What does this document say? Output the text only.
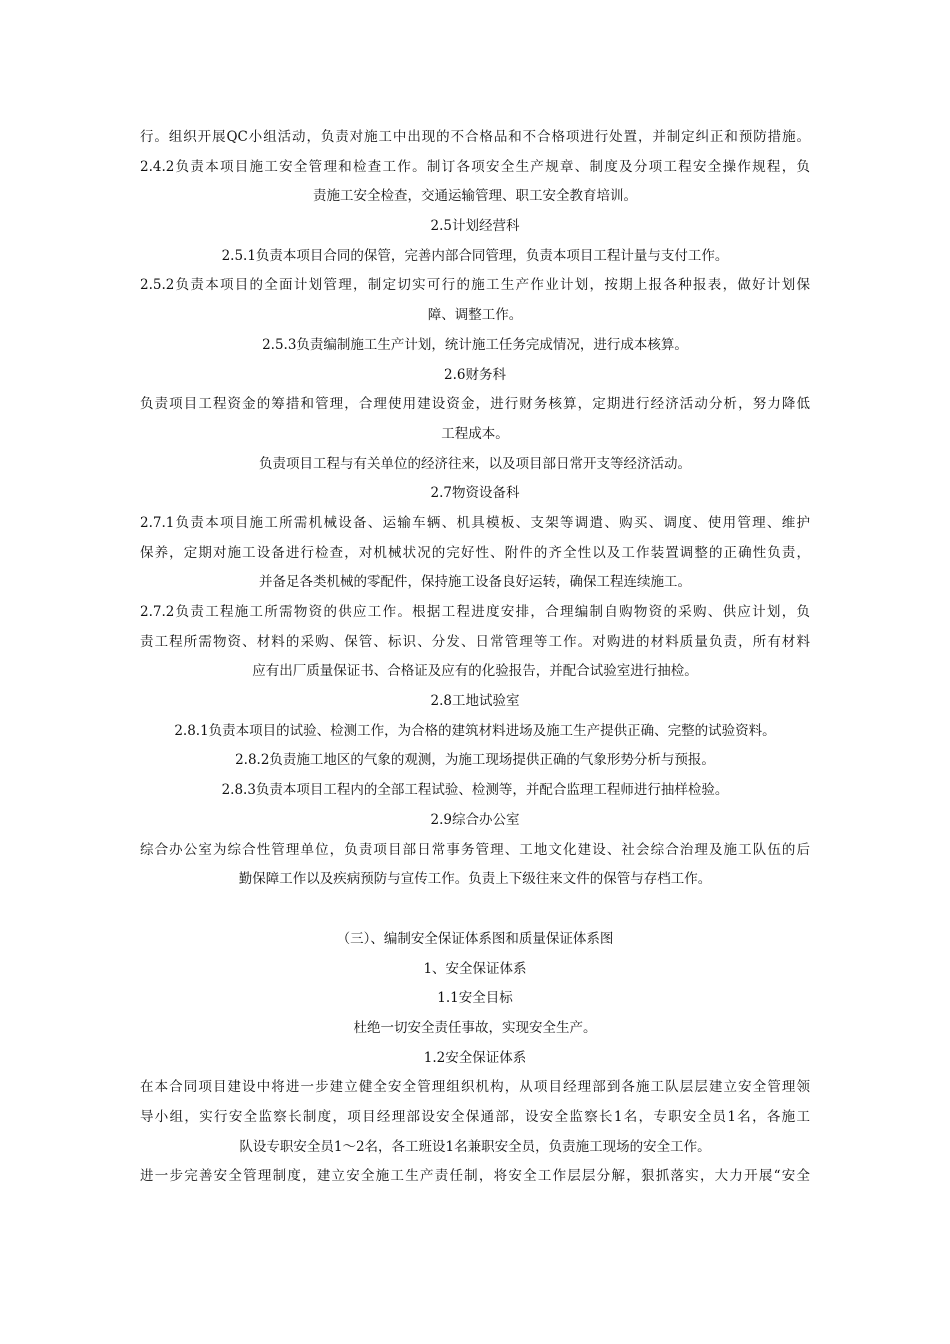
行。组织开展QC小组活动，负责对施工中出现的不合格品和不合格项进行处置，并制定纠正和预防措施。
2.4.2负责本项目施工安全管理和检查工作。制订各项安全生产规章、制度及分项工程安全操作规程，负
责施工安全检查，交通运输管理、职工安全教育培训。
2.5计划经营科
2.5.1负责本项目合同的保管，完善内部合同管理，负责本项目工程计量与支付工作。
2.5.2负责本项目的全面计划管理，制定切实可行的施工生产作业计划，按期上报各种报表，做好计划保
障、调整工作。
2.5.3负责编制施工生产计划，统计施工任务完成情况，进行成本核算。
2.6财务科
负责项目工程资金的筹措和管理，合理使用建设资金，进行财务核算，定期进行经济活动分析，努力降低
工程成本。
负责项目工程与有关单位的经济往来，以及项目部日常开支等经济活动。
2.7物资设备科
2.7.1负责本项目施工所需机械设备、运输车辆、机具模板、支架等调遣、购买、调度、使用管理、维护
保养，定期对施工设备进行检查，对机械状况的完好性、附件的齐全性以及工作装置调整的正确性负责，
并备足各类机械的零配件，保持施工设备良好运转，确保工程连续施工。
2.7.2负责工程施工所需物资的供应工作。根据工程进度安排，合理编制自购物资的采购、供应计划，负
责工程所需物资、材料的采购、保管、标识、分发、日常管理等工作。对购进的材料质量负责，所有材料
应有出厂质量保证书、合格证及应有的化验报告，并配合试验室进行抽检。
2.8工地试验室
2.8.1负责本项目的试验、检测工作，为合格的建筑材料进场及施工生产提供正确、完整的试验资料。
2.8.2负责施工地区的气象的观测，为施工现场提供正确的气象形势分析与预报。
2.8.3负责本项目工程内的全部工程试验、检测等，并配合监理工程师进行抽样检验。
2.9综合办公室
综合办公室为综合性管理单位，负责项目部日常事务管理、工地文化建设、社会综合治理及施工队伍的后
勤保障工作以及疾病预防与宣传工作。负责上下级往来文件的保管与存档工作。
（三）、编制安全保证体系图和质量保证体系图
1、安全保证体系
1.1安全目标
杜绝一切安全责任事故，实现安全生产。
1.2安全保证体系
在本合同项目建设中将进一步建立健全安全管理组织机构，从项目经理部到各施工队层层建立安全管理领
导小组，实行安全监察长制度，项目经理部设安全保通部，设安全监察长1名，专职安全员1名，各施工
队设专职安全员1～2名，各工班设1名兼职安全员，负责施工现场的安全工作。
进一步完善安全管理制度，建立安全施工生产责任制，将安全工作层层分解，狠抓落实，大力开展“安全
